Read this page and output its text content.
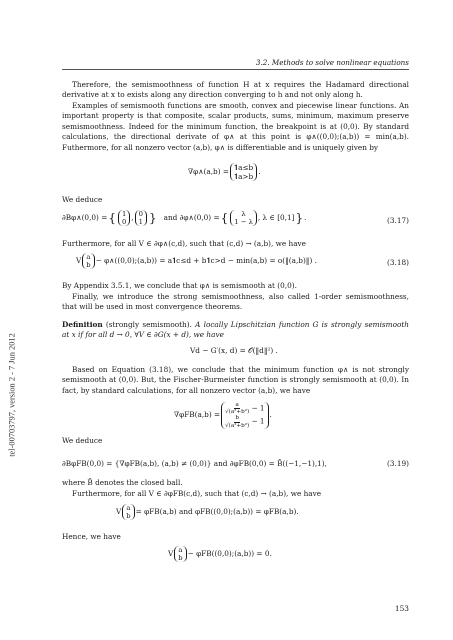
3.2. Methods to solve nonlinear equations
tel-00703797, version 2 - 7 Jun 2012

Therefore, the semismoothness of function H at x requires the Hadamard directional derivative at x to exists along any direction converging to h and not only along h.

Examples of semismooth functions are smooth, convex and piecewise linear functions. An important property is that composite, scalar products, sums, minimum, maximum preserve semismoothness. Indeed for the minimum function, the breakpoint is at (0,0). By standard calculations, the directional derivate of φ∧ at this point is φ∧((0,0);(a,b)) = min(a,b). Futhermore, for all nonzero vector (a,b), φ∧ is differentiable and is uniquely given by

∇φ∧(a,b) = 𝟏a≤b
𝟏a>b
.

We deduce

∂Bφ∧(0,0) = { 1
0 , 0
1 } and ∂φ∧(0,0) = {	λ
1 − λ , λ ∈ [0,1] } .	(3.17)

Furthermore, for all V ∈ ∂φ∧(c,d), such that (c,d) → (a,b), we have

V a
b − φ∧((0,0);(a,b)) = a𝟏c≤d + b𝟏c>d − min(a,b) = o(‖(a,b)‖) .	(3.18)

By Appendix 3.5.1, we conclude that φ∧ is semismooth at (0,0).

Finally, we introduce the strong semismoothness, also called 1-order semismoothness, that will be used in most convergence theorems.

Definition (strongly semismooth). A locally Lipschitzian function G is strongly semismooth at x if for all d → 0, ∀V ∈ ∂G(x + d), we have

Vd − G′(x, d) = 𝒪(‖d‖²) .

Based on Equation (3.18), we conclude that the minimum function φ∧ is not strongly semismooth at (0,0). But, the Fischer-Burmeister function is strongly semismooth at (0,0). In fact, by standard calculations, for all nonzero vector (a,b), we have

$\nabla\varphi FB(a,b) = \frac{a}{\text{√(a²+b²)}} - 1$
$\frac{b}{\text{√(a²+b²)}} - 1$
.

We deduce

∂BφFB(0,0) = {∇φFB(a,b), (a,b) ≠ (0,0)} and ∂φFB(0,0) = B̄((−1,−1),1),	(3.19)

where B̄ denotes the closed ball.

Furthermore, for all V ∈ ∂φFB(c,d), such that (c,d) → (a,b), we have

V a
b = φFB(a,b) and φFB((0,0);(a,b)) = φFB(a,b).

Hence, we have

V a
b − φFB((0,0);(a,b)) = 0.
153
